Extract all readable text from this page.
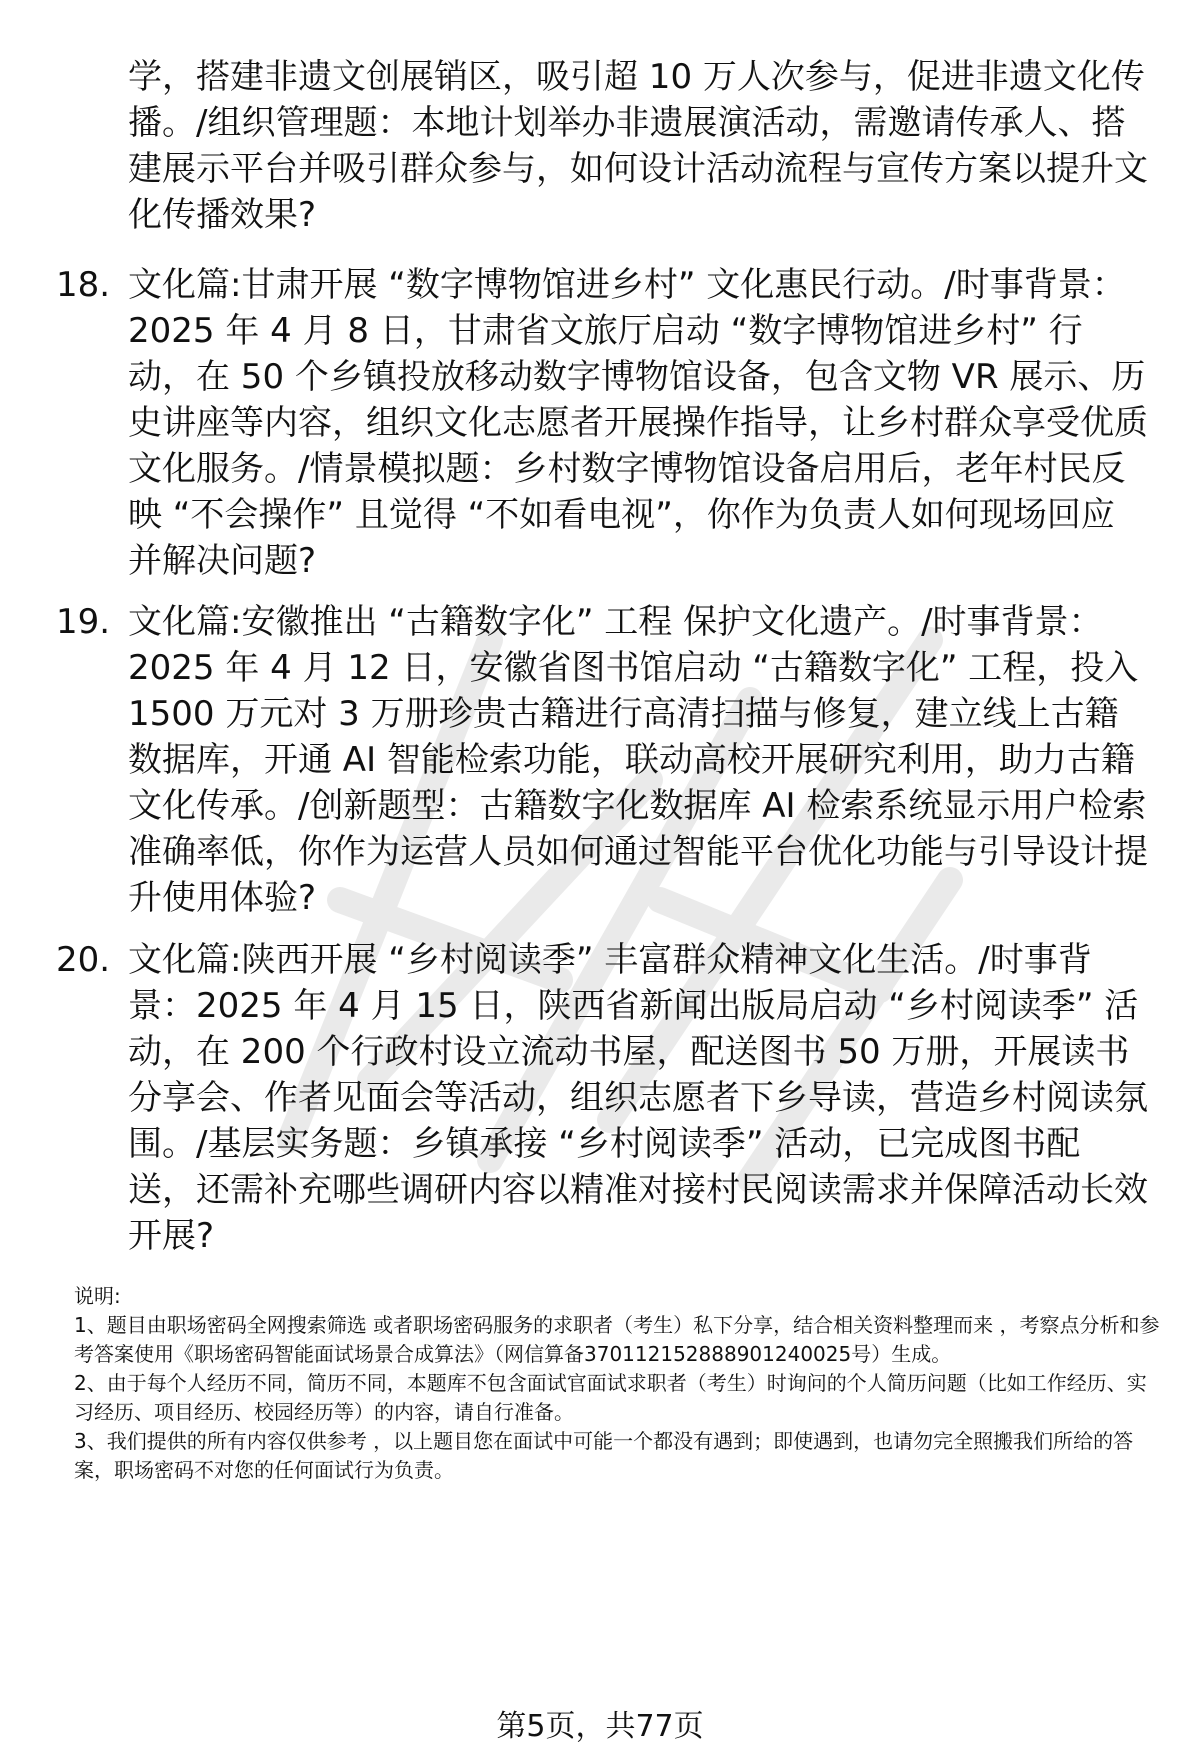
学，搭建非遗文创展销区，吸引超 10 万人次参与，促进非遗文化传播。/组织管理题：本地计划举办非遗展演活动，需邀请传承人、搭建展示平台并吸引群众参与，如何设计活动流程与宣传方案以提升文化传播效果?
18. 文化篇:甘肃开展 “数字博物馆进乡村” 文化惠民行动。/时事背景：2025 年 4 月 8 日，甘肃省文旅厅启动 “数字博物馆进乡村” 行动，在 50 个乡镇投放移动数字博物馆设备，包含文物 VR 展示、历史讲座等内容，组织文化志愿者开展操作指导，让乡村群众享受优质文化服务。/情景模拟题：乡村数字博物馆设备启用后，老年村民反映 “不会操作” 且觉得 “不如看电视”，你作为负责人如何现场回应并解决问题?
19. 文化篇:安徽推出 “古籍数字化” 工程 保护文化遗产。/时事背景：2025 年 4 月 12 日，安徽省图书馆启动 “古籍数字化” 工程，投入 1500 万元对 3 万册珍贵古籍进行高清扫描与修复，建立线上古籍数据库，开通 AI 智能检索功能，联动高校开展研究利用，助力古籍文化传承。/创新题型：古籍数字化数据库 AI 检索系统显示用户检索准确率低，你作为运营人员如何通过智能平台优化功能与引导设计提升使用体验?
20. 文化篇:陕西开展 “乡村阅读季” 丰富群众精神文化生活。/时事背景：2025 年 4 月 15 日，陕西省新闻出版局启动 “乡村阅读季” 活动，在 200 个行政村设立流动书屋，配送图书 50 万册，开展读书分享会、作者见面会等活动，组织志愿者下乡导读，营造乡村阅读氛围。/基层实务题：乡镇承接 “乡村阅读季” 活动，已完成图书配送，还需补充哪些调研内容以精准对接村民阅读需求并保障活动长效开展?
说明:
1、题目由职场密码全网搜索筛选 或者职场密码服务的求职者（考生）私下分享，结合相关资料整理而来 ，考察点分析和参考答案使用《职场密码智能面试场景合成算法》（网信算备370112152888901240025号）生成。
2、由于每个人经历不同，简历不同，本题库不包含面试官面试求职者（考生）时询问的个人简历问题（比如工作经历、实习经历、项目经历、校园经历等）的内容，请自行准备。
3、我们提供的所有内容仅供参考 ，以上题目您在面试中可能一个都没有遇到；即使遇到，也请勿完全照搬我们所给的答案，职场密码不对您的任何面试行为负责。
第5页，共77页
